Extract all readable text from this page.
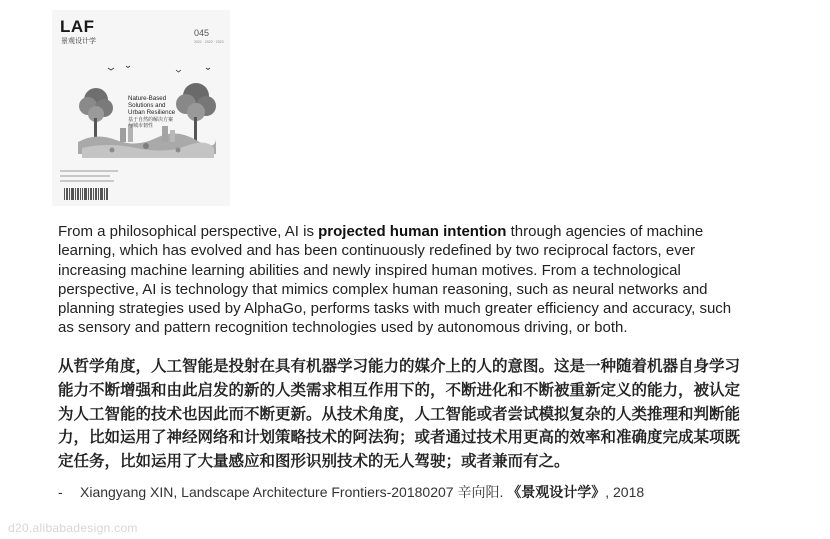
LAF
景观设计学
045
2021 · 2022 · 2023
Nature-Based
Solutions and
Urban Resilience
基于自然的解决方案
与城市韧性

From a philosophical perspective, AI is projected human intention through agencies of machine learning, which has evolved and has been continuously redefined by two reciprocal factors, ever increasing machine learning abilities and newly inspired human motives. From a technological perspective, AI is technology that mimics complex human reasoning, such as neural networks and planning strategies used by AlphaGo, performs tasks with much greater efficiency and accuracy, such as sensory and pattern recognition technologies used by autonomous driving, or both.

从哲学角度，人工智能是投射在具有机器学习能力的媒介上的人的意图。这是一种随着机器自身学习能力不断增强和由此启发的新的人类需求相互作用下的，不断进化和不断被重新定义的能力，被认定为人工智能的技术也因此而不断更新。从技术角度，人工智能或者尝试模拟复杂的人类推理和判断能力，比如运用了神经网络和计划策略技术的阿法狗；或者通过技术用更高的效率和准确度完成某项既定任务，比如运用了大量感应和图形识别技术的无人驾驶；或者兼而有之。

- Xiangyang XIN, Landscape Architecture Frontiers-20180207 辛向阳. 《景观设计学》, 2018

d20.alibabadesign.com
